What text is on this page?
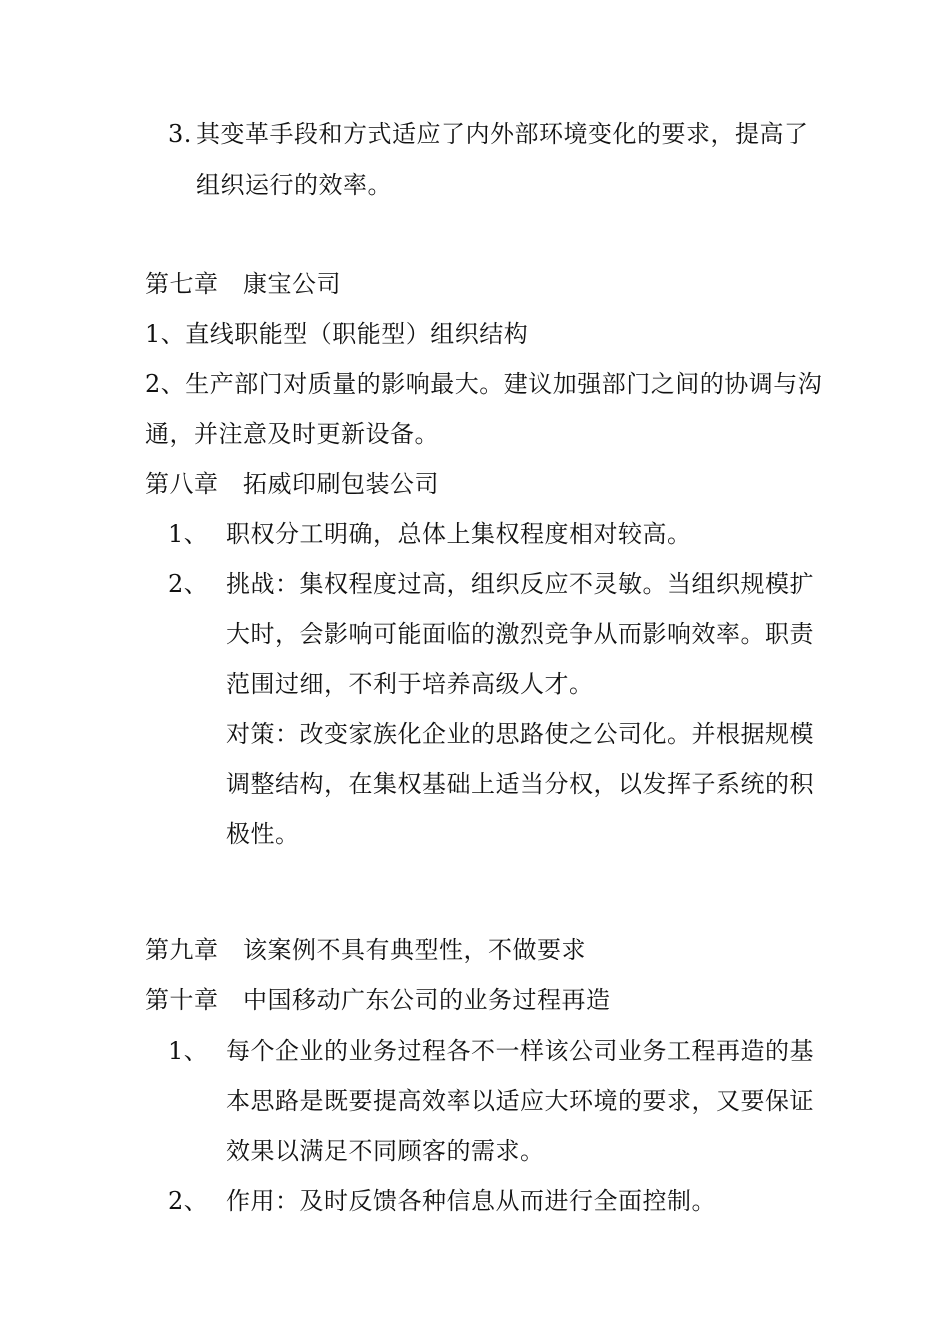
3. 其变革手段和方式适应了内外部环境变化的要求，提高了
组织运行的效率。
第七章　康宝公司
1、直线职能型（职能型）组织结构
2、生产部门对质量的影响最大。建议加强部门之间的协调与沟
通，并注意及时更新设备。
第八章　拓威印刷包装公司
1、 职权分工明确，总体上集权程度相对较高。
2、 挑战：集权程度过高，组织反应不灵敏。当组织规模扩
大时，会影响可能面临的激烈竞争从而影响效率。职责
范围过细，不利于培养高级人才。
对策：改变家族化企业的思路使之公司化。并根据规模
调整结构，在集权基础上适当分权，以发挥子系统的积
极性。
第九章　该案例不具有典型性，不做要求
第十章　中国移动广东公司的业务过程再造
1、 每个企业的业务过程各不一样该公司业务工程再造的基
本思路是既要提高效率以适应大环境的要求，又要保证
效果以满足不同顾客的需求。
2、 作用：及时反馈各种信息从而进行全面控制。
